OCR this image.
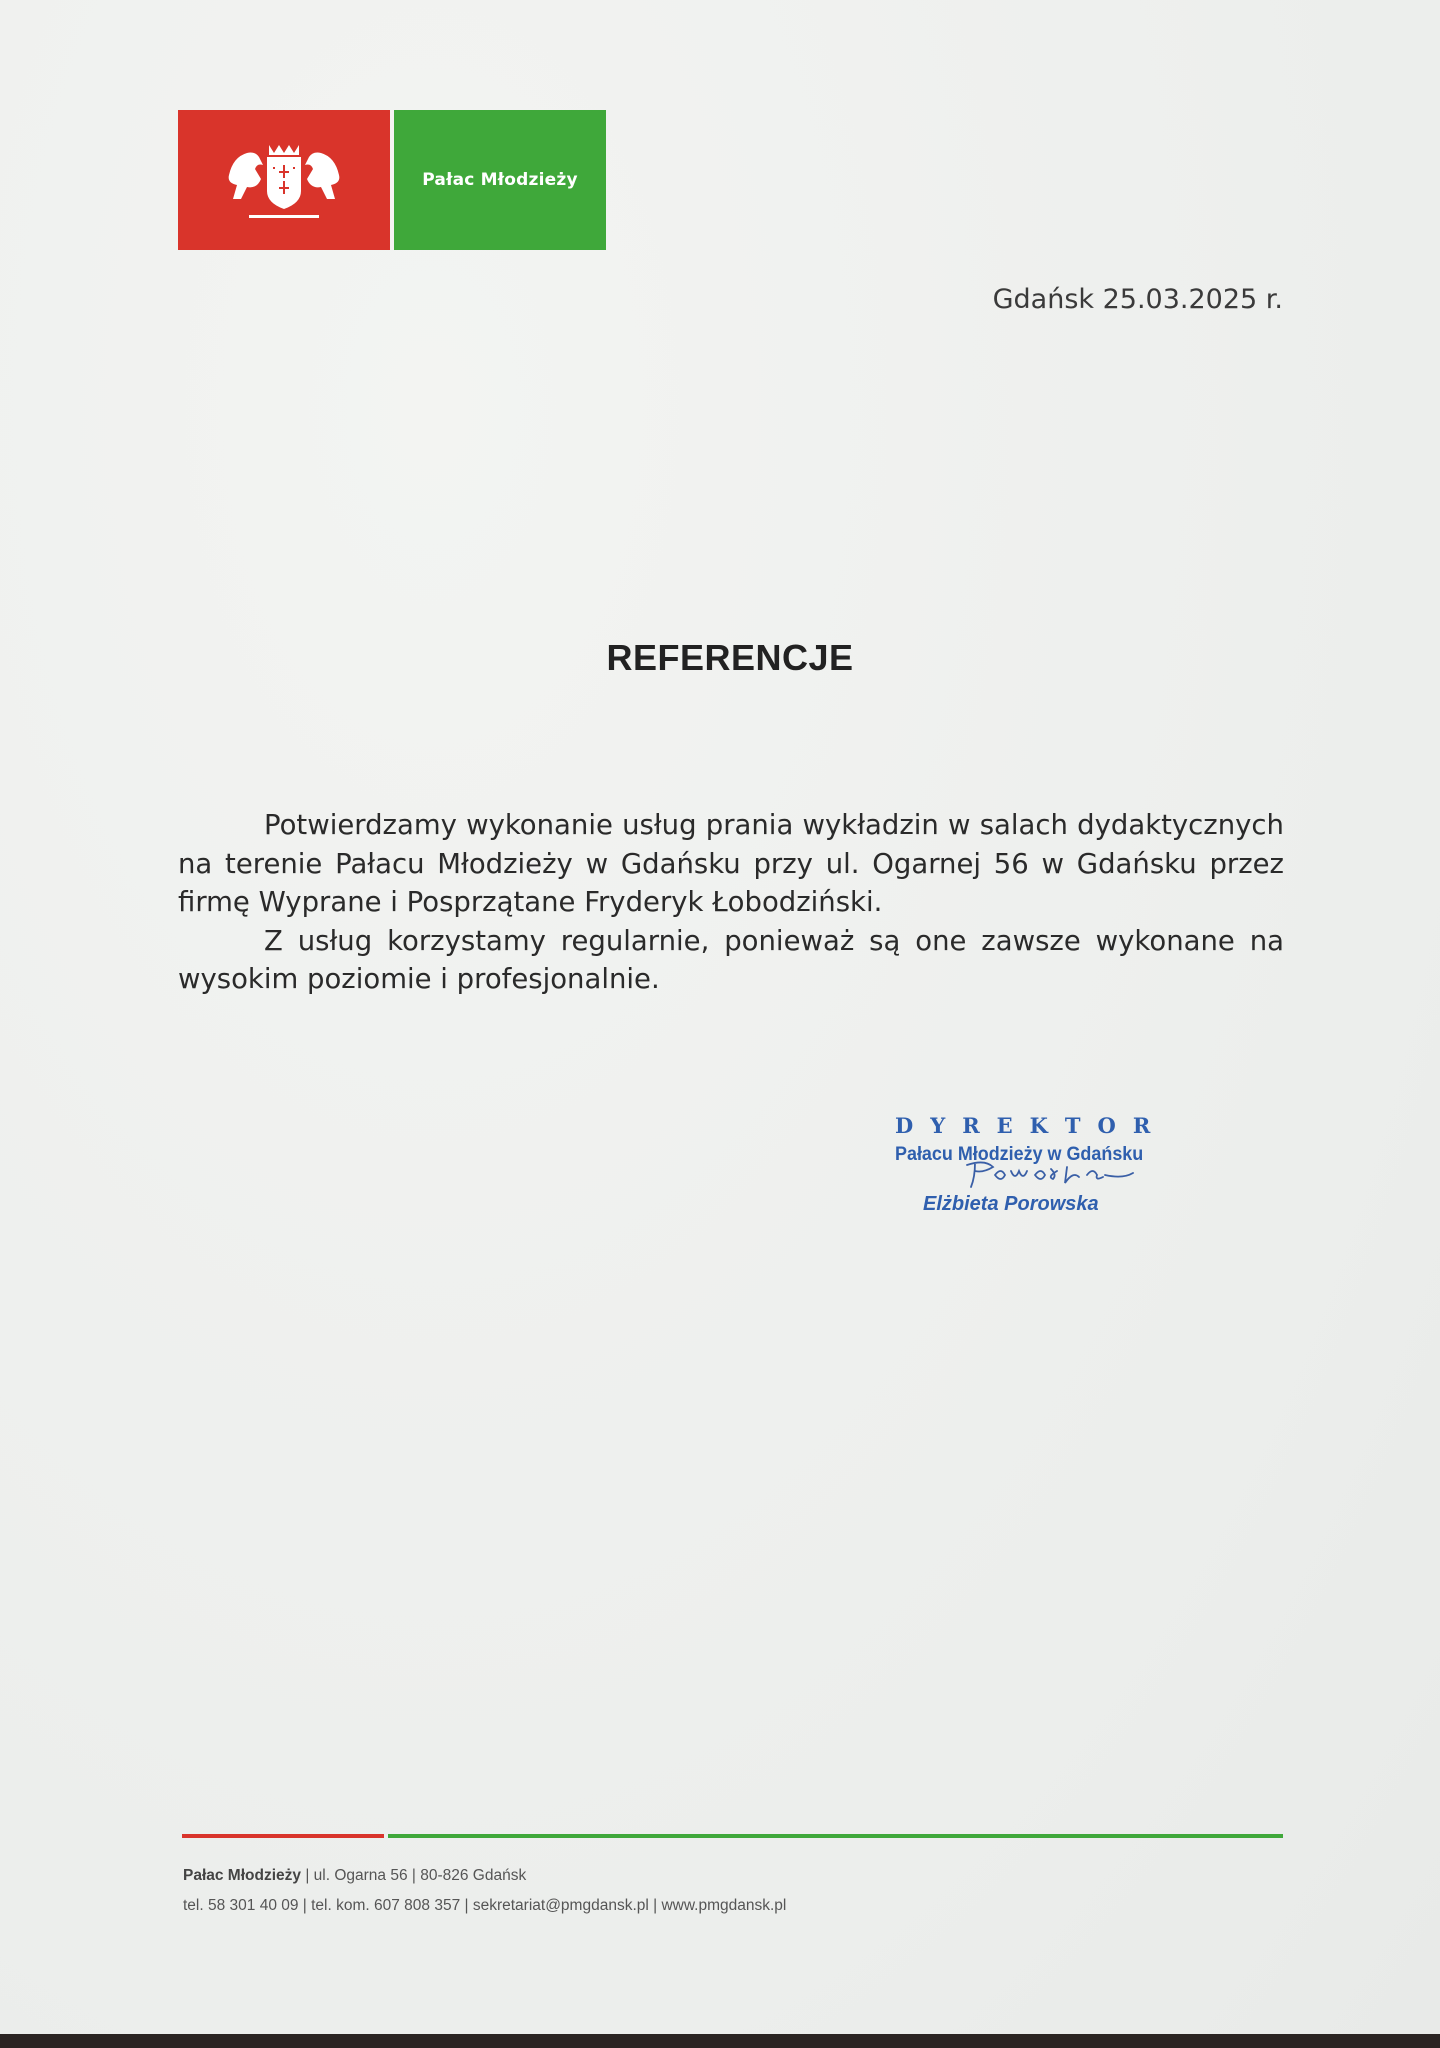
Pałac Młodzieży
Gdańsk 25.03.2025 r.
REFERENCJE

Potwierdzamy wykonanie usług prania wykładzin w salach dydaktycznych na terenie Pałacu Młodzieży w Gdańsku przy ul. Ogarnej 56 w Gdańsku przez firmę Wyprane i Posprzątane Fryderyk Łobodziński.

Z usług korzystamy regularnie, ponieważ są one zawsze wykonane na wysokim poziomie i profesjonalnie.

DYREKTOR
Pałacu Młodzieży w Gdańsku
Elżbieta Porowska
Pałac Młodzieży | ul. Ogarna 56 | 80-826 Gdańsk
tel. 58 301 40 09 | tel. kom. 607 808 357 | sekretariat@pmgdansk.pl | www.pmgdansk.pl
